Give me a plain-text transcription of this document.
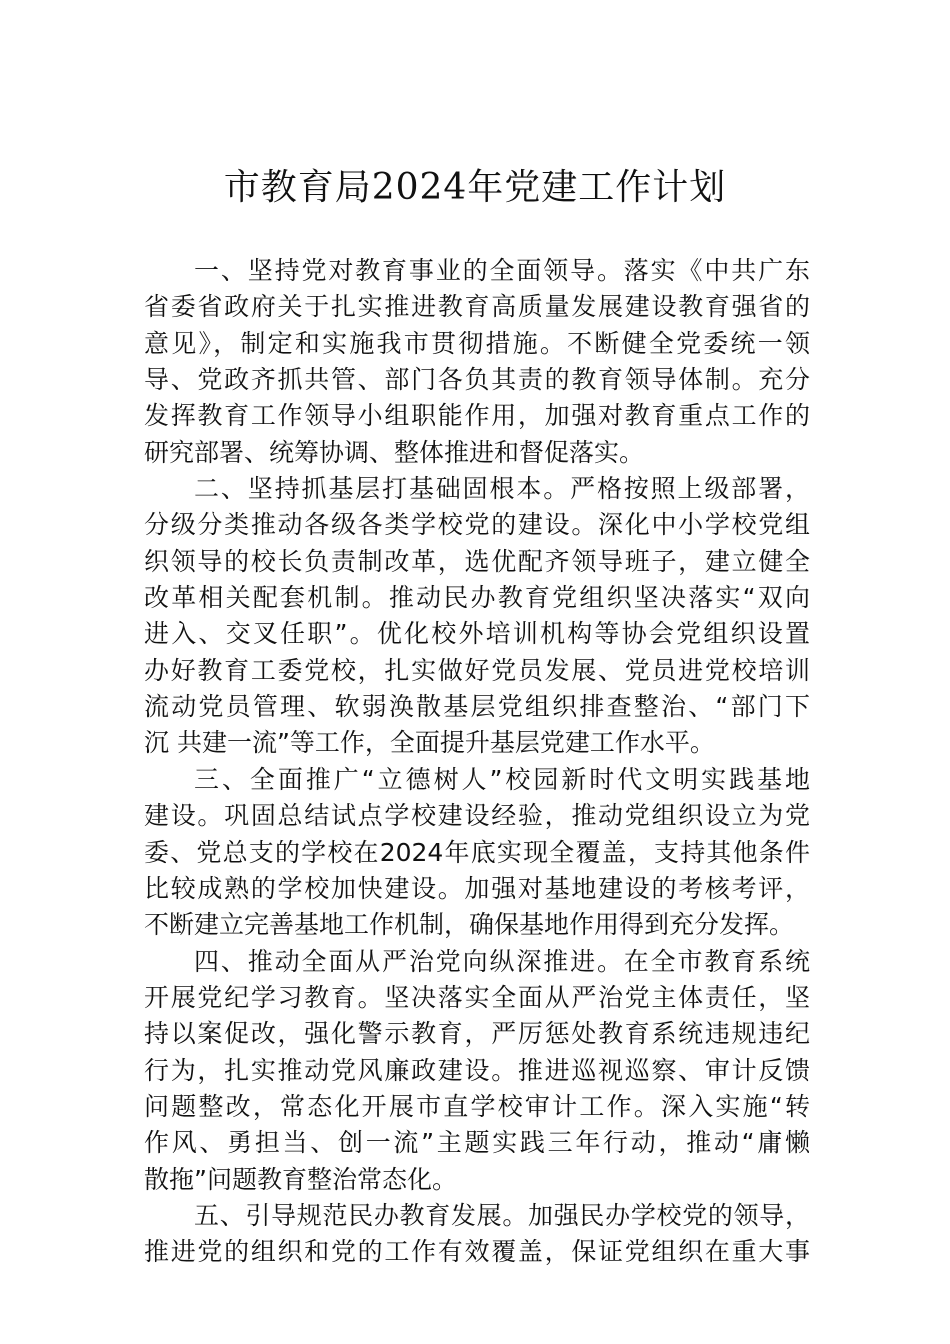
市教育局2024年党建工作计划
一、坚持党对教育事业的全面领导。落实《中共广东
省委省政府关于扎实推进教育高质量发展建设教育强省的
意见》，制定和实施我市贯彻措施。不断健全党委统一领
导、党政齐抓共管、部门各负其责的教育领导体制。充分
发挥教育工作领导小组职能作用，加强对教育重点工作的
研究部署、统筹协调、整体推进和督促落实。
二、坚持抓基层打基础固根本。严格按照上级部署，
分级分类推动各级各类学校党的建设。深化中小学校党组
织领导的校长负责制改革，选优配齐领导班子，建立健全
改革相关配套机制。推动民办教育党组织坚决落实“双向
进入、交叉任职”。优化校外培训机构等协会党组织设置
办好教育工委党校，扎实做好党员发展、党员进党校培训
流动党员管理、软弱涣散基层党组织排查整治、“部门下
沉 共建一流”等工作，全面提升基层党建工作水平。
三、全面推广“立德树人”校园新时代文明实践基地
建设。巩固总结试点学校建设经验，推动党组织设立为党
委、党总支的学校在2024年底实现全覆盖，支持其他条件
比较成熟的学校加快建设。加强对基地建设的考核考评，
不断建立完善基地工作机制，确保基地作用得到充分发挥。
四、推动全面从严治党向纵深推进。在全市教育系统
开展党纪学习教育。坚决落实全面从严治党主体责任，坚
持以案促改，强化警示教育，严厉惩处教育系统违规违纪
行为，扎实推动党风廉政建设。推进巡视巡察、审计反馈
问题整改，常态化开展市直学校审计工作。深入实施“转
作风、勇担当、创一流”主题实践三年行动，推动“庸懒
散拖”问题教育整治常态化。
五、引导规范民办教育发展。加强民办学校党的领导，
推进党的组织和党的工作有效覆盖，保证党组织在重大事
